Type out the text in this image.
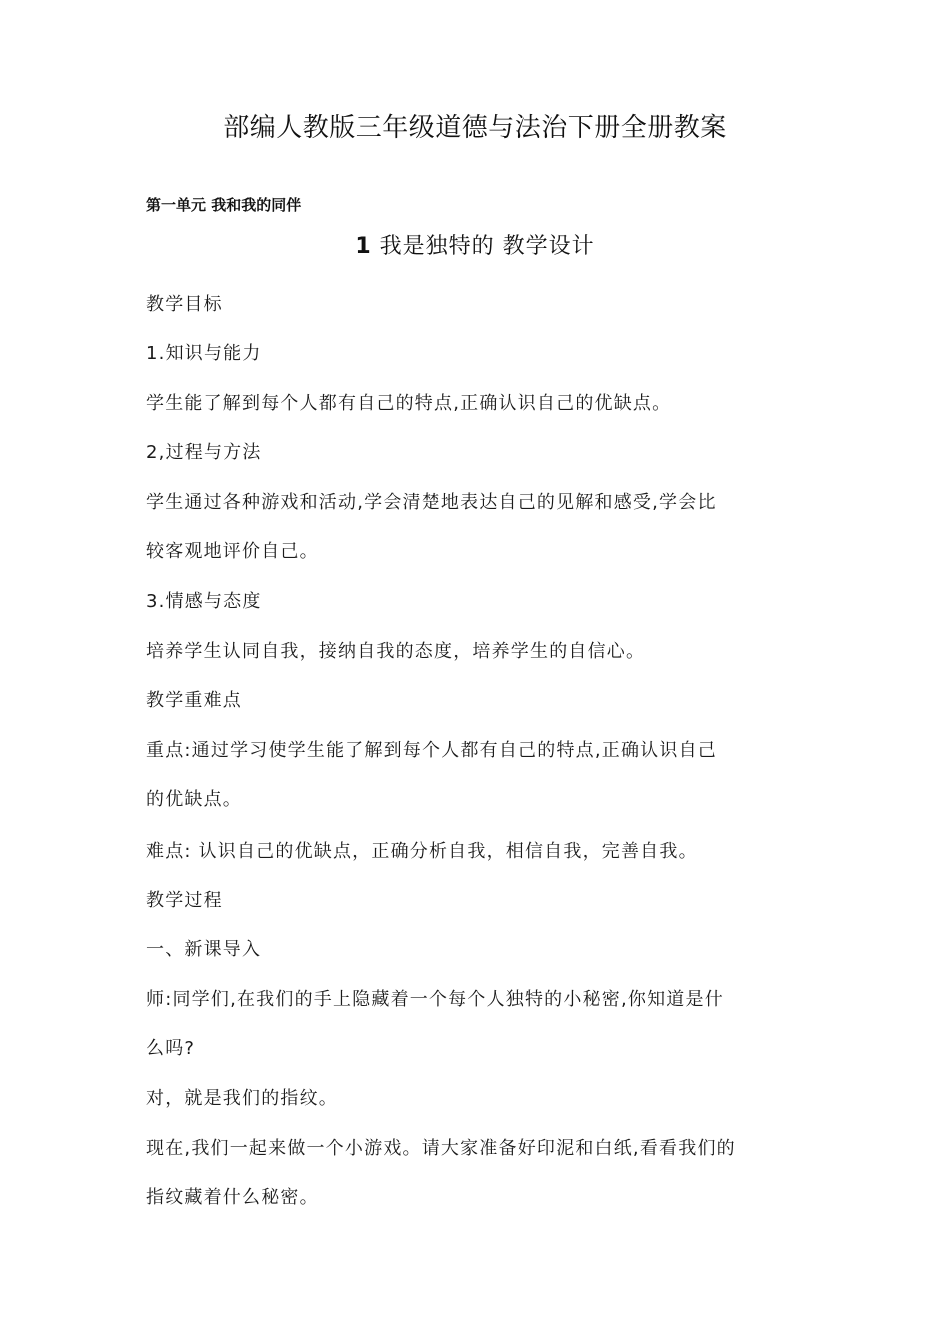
部编人教版三年级道德与法治下册全册教案
第一单元 我和我的同伴
1 我是独特的 教学设计
教学目标
1.知识与能力
学生能了解到每个人都有自己的特点,正确认识自己的优缺点。
2,过程与方法
学生通过各种游戏和活动,学会清楚地表达自己的见解和感受,学会比
较客观地评价自己。
3.情感与态度
培养学生认同自我，接纳自我的态度，培养学生的自信心。
教学重难点
重点:通过学习使学生能了解到每个人都有自己的特点,正确认识自己
的优缺点。
难点: 认识自己的优缺点，正确分析自我，相信自我，完善自我。
教学过程
一、新课导入
师:同学们,在我们的手上隐藏着一个每个人独特的小秘密,你知道是什
么吗?
对，就是我们的指纹。
现在,我们一起来做一个小游戏。请大家准备好印泥和白纸,看看我们的
指纹藏着什么秘密。
